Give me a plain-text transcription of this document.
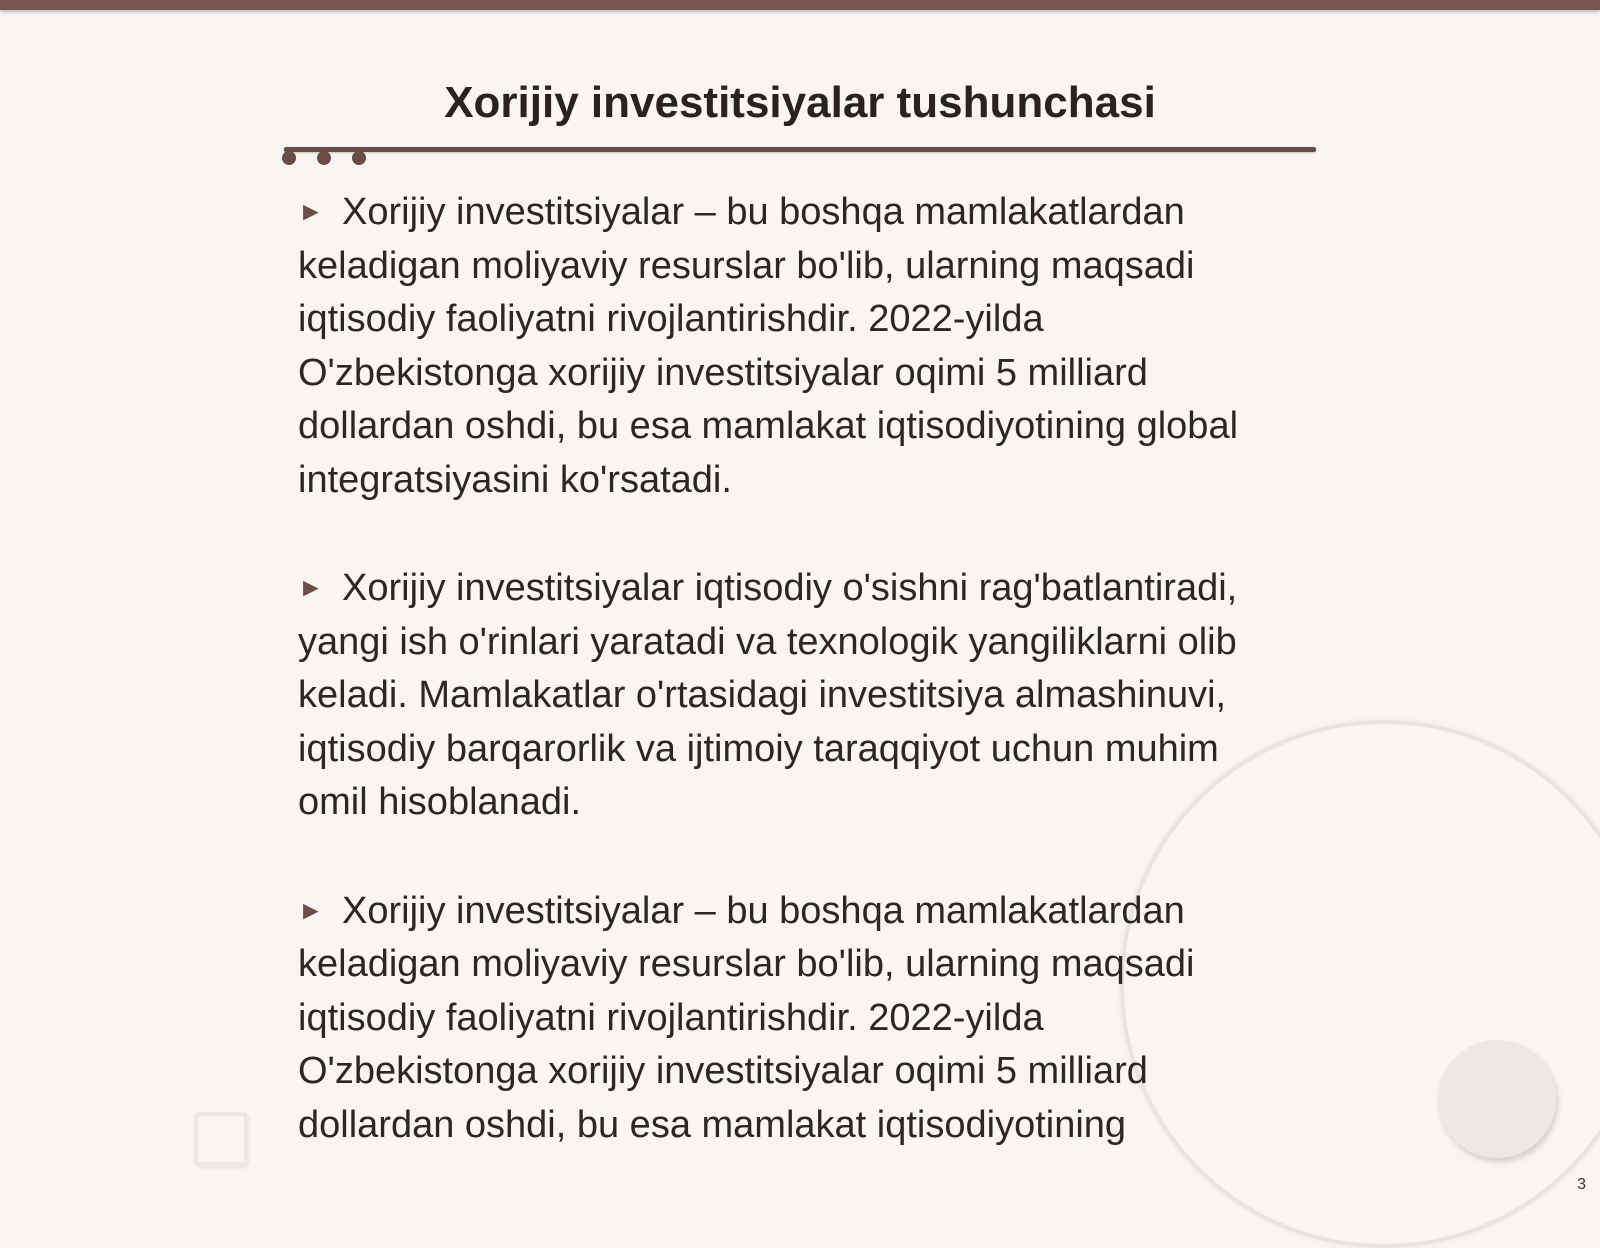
Xorijiy investitsiyalar tushunchasi

► Xorijiy investitsiyalar – bu boshqa mamlakatlardan keladigan moliyaviy resurslar bo'lib, ularning maqsadi iqtisodiy faoliyatni rivojlantirishdir. 2022-yilda O'zbekistonga xorijiy investitsiyalar oqimi 5 milliard dollardan oshdi, bu esa mamlakat iqtisodiyotining global integratsiyasini ko'rsatadi.

► Xorijiy investitsiyalar iqtisodiy o'sishni rag'batlantiradi, yangi ish o'rinlari yaratadi va texnologik yangiliklarni olib keladi. Mamlakatlar o'rtasidagi investitsiya almashinuvi, iqtisodiy barqarorlik va ijtimoiy taraqqiyot uchun muhim omil hisoblanadi.

► Xorijiy investitsiyalar – bu boshqa mamlakatlardan keladigan moliyaviy resurslar bo'lib, ularning maqsadi iqtisodiy faoliyatni rivojlantirishdir. 2022-yilda O'zbekistonga xorijiy investitsiyalar oqimi 5 milliard dollardan oshdi, bu esa mamlakat iqtisodiyotining

3
